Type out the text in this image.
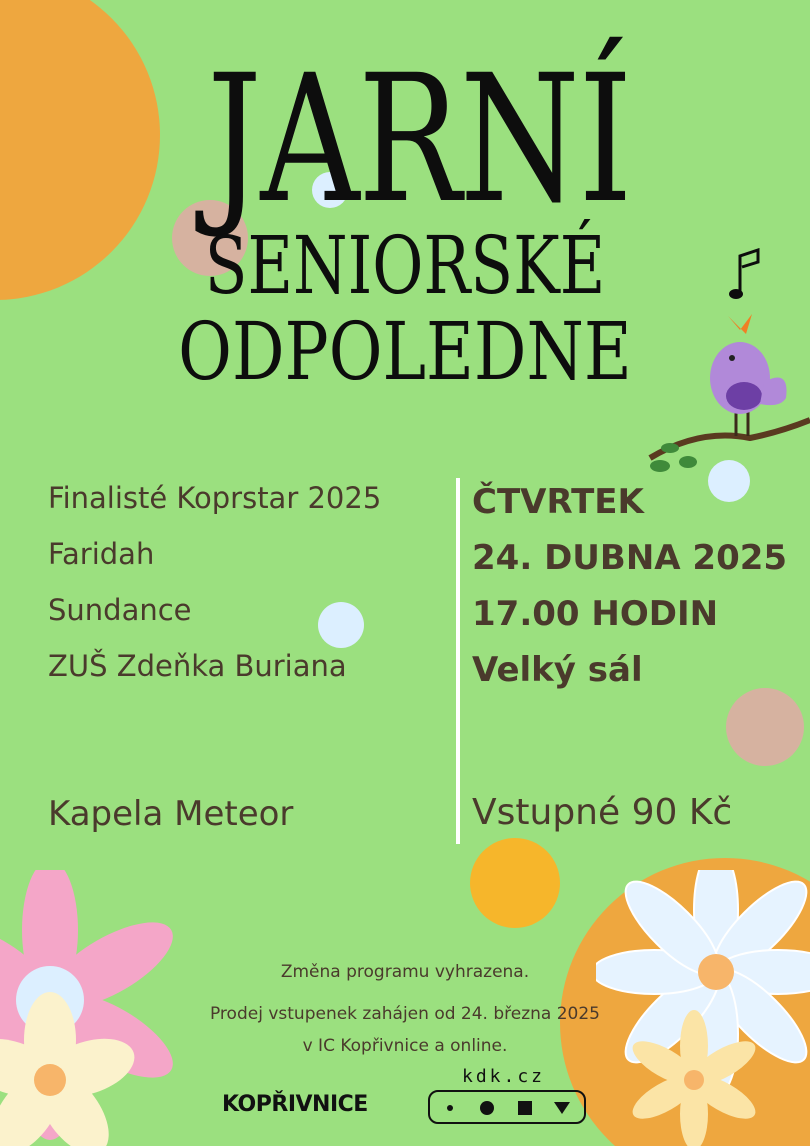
JARNÍ
SENIORSKÉ
ODPOLEDNE
Finalisté Koprstar 2025
Faridah
Sundance
ZUŠ Zdeňka Buriana
Kapela Meteor
ČTVRTEK
24. DUBNA 2025
17.00 HODIN
Velký sál
Vstupné 90 Kč
Změna programu vyhrazena.
Prodej vstupenek zahájen od 24. března 2025
v IC Kopřivnice a online.
KOPŘIVNICE
kdk.cz
